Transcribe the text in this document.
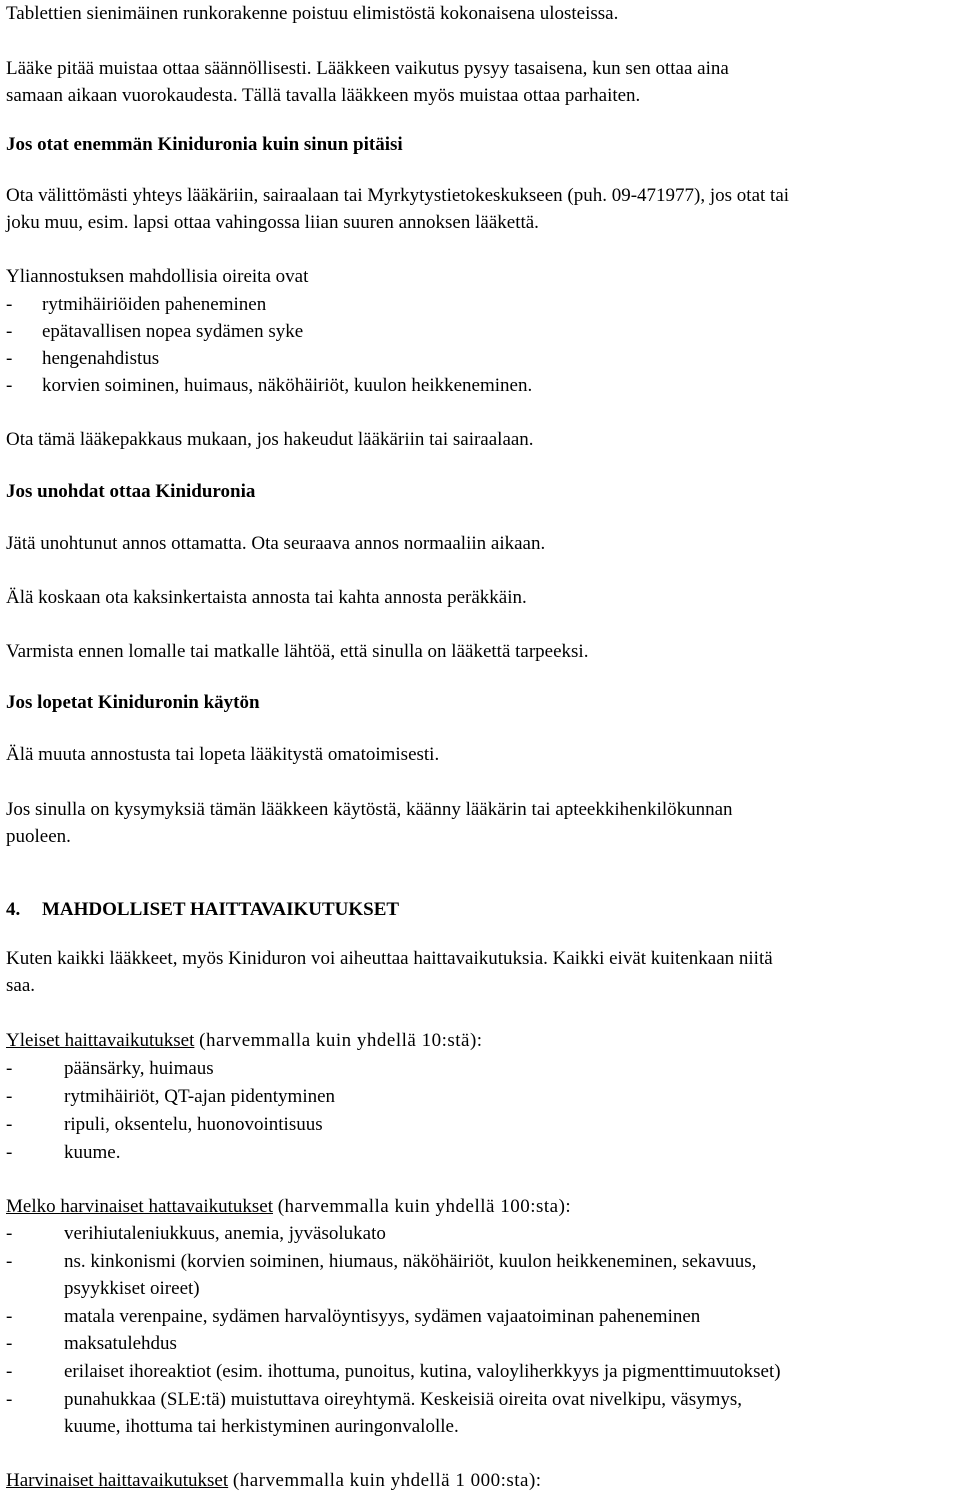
Tablettien sienimäinen runkorakenne poistuu elimistöstä kokonaisena ulosteissa.
Lääke pitää muistaa ottaa säännöllisesti. Lääkkeen vaikutus pysyy tasaisena, kun sen ottaa aina
samaan aikaan vuorokaudesta. Tällä tavalla lääkkeen myös muistaa ottaa parhaiten.
Jos otat enemmän Kiniduronia kuin sinun pitäisi
Ota välittömästi yhteys lääkäriin, sairaalaan tai Myrkytystietokeskukseen (puh. 09-471977), jos otat tai
joku muu, esim. lapsi ottaa vahingossa liian suuren annoksen lääkettä.
Yliannostuksen mahdollisia oireita ovat
- rytmihäiriöiden paheneminen
- epätavallisen nopea sydämen syke
- hengenahdistus
- korvien soiminen, huimaus, näköhäiriöt, kuulon heikkeneminen.
Ota tämä lääkepakkaus mukaan, jos hakeudut lääkäriin tai sairaalaan.
Jos unohdat ottaa Kiniduronia
Jätä unohtunut annos ottamatta. Ota seuraava annos normaaliin aikaan.
Älä koskaan ota kaksinkertaista annosta tai kahta annosta peräkkäin.
Varmista ennen lomalle tai matkalle lähtöä, että sinulla on lääkettä tarpeeksi.
Jos lopetat Kiniduronin käytön
Älä muuta annostusta tai lopeta lääkitystä omatoimisesti.
Jos sinulla on kysymyksiä tämän lääkkeen käytöstä, käänny lääkärin tai apteekkihenkilökunnan
puoleen.
4. MAHDOLLISET HAITTAVAIKUTUKSET
Kuten kaikki lääkkeet, myös Kiniduron voi aiheuttaa haittavaikutuksia. Kaikki eivät kuitenkaan niitä
saa.
Yleiset haittavaikutukset (harvemmalla kuin yhdellä 10:stä):
-	päänsärky, huimaus
-	rytmihäiriöt, QT-ajan pidentyminen
-	ripuli, oksentelu, huonovointisuus
-	kuume.
Melko harvinaiset hattavaikutukset (harvemmalla kuin yhdellä 100:sta):
-	verihiutaleniukkuus, anemia, jyväsolukato
-	ns. kinkonismi (korvien soiminen, hiumaus, näköhäiriöt, kuulon heikkeneminen, sekavuus,
psyykkiset oireet)
-	matala verenpaine, sydämen harvalöyntisyys, sydämen vajaatoiminan paheneminen
-	maksatulehdus
-	erilaiset ihoreaktiot (esim. ihottuma, punoitus, kutina, valoyliherkkyys ja pigmenttimuutokset)
-	punahukkaa (SLE:tä) muistuttava oireyhtymä. Keskeisiä oireita ovat nivelkipu, väsymys,
kuume, ihottuma tai herkistyminen auringonvalolle.
Harvinaiset haittavaikutukset (harvemmalla kuin yhdellä 1 000:sta):
